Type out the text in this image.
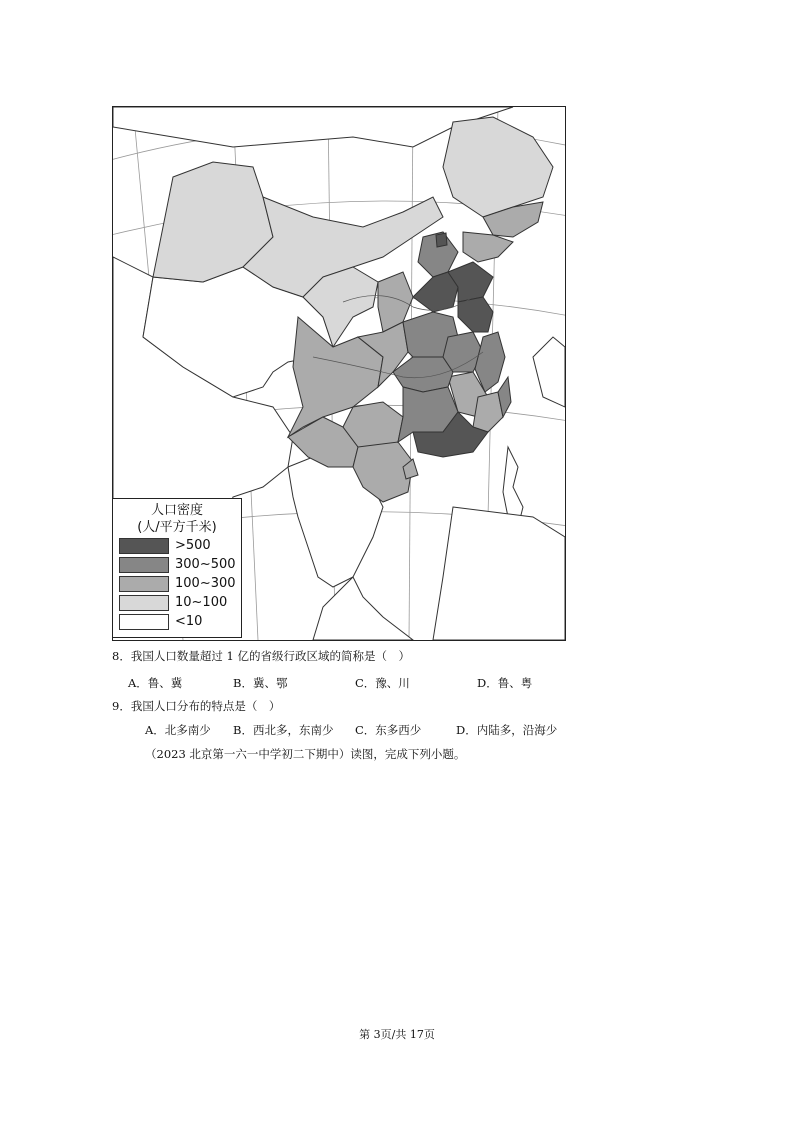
人口密度
(人/平方千米)
>500
300~500
100~300
10~100
<10
8．我国人口数量超过 1 亿的省级行政区域的简称是（　）
A．鲁、冀	B．冀、鄂	C．豫、川	D．鲁、粤
9．我国人口分布的特点是（　）
A．北多南少 B．西北多，东南少 C．东多西少	D．内陆多，沿海少
（2023 北京第一六一中学初二下期中）读图，完成下列小题。
第 3页/共 17页
